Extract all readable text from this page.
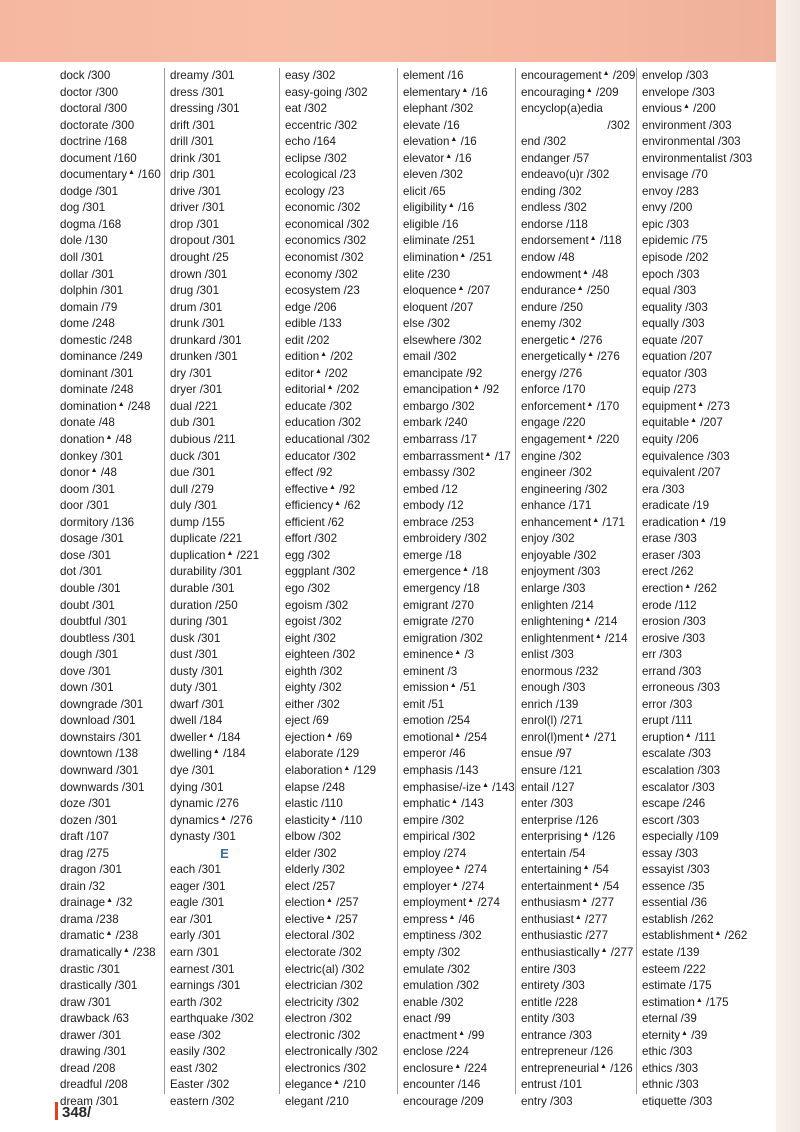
dock /300
doctor /300
doctoral /300
doctorate /300
doctrine /168
document /160
documentary▲ /160
dodge /301
dog /301
dogma /168
dole /130
doll /301
dollar /301
dolphin /301
domain /79
dome /248
domestic /248
dominance /249
dominant /301
dominate /248
domination▲ /248
donate /48
donation▲ /48
donkey /301
donor▲ /48
doom /301
door /301
dormitory /136
dosage /301
dose /301
dot /301
double /301
doubt /301
doubtful /301
doubtless /301
dough /301
dove /301
down /301
downgrade /301
download /301
downstairs /301
downtown /138
downward /301
downwards /301
doze /301
dozen /301
draft /107
drag /275
dragon /301
drain /32
drainage▲ /32
drama /238
dramatic▲ /238
dramatically▲ /238
drastic /301
drastically /301
draw /301
drawback /63
drawer /301
drawing /301
dread /208
dreadful /208
dream /301
dreamy /301
dress /301
dressing /301
drift /301
drill /301
drink /301
drip /301
drive /301
driver /301
drop /301
dropout /301
drought /25
drown /301
drug /301
drum /301
drunk /301
drunkard /301
drunken /301
dry /301
dryer /301
dual /221
dub /301
dubious /211
duck /301
due /301
dull /279
duly /301
dump /155
duplicate /221
duplication▲ /221
durability /301
durable /301
duration /250
during /301
dusk /301
dust /301
dusty /301
duty /301
dwarf /301
dwell /184
dweller▲ /184
dwelling▲ /184
dye /301
dying /301
dynamic /276
dynamics▲ /276
dynasty /301
E
each /301
eager /301
eagle /301
ear /301
early /301
earn /301
earnest /301
earnings /301
earth /302
earthquake /302
ease /302
easily /302
east /302
Easter /302
eastern /302
easy /302
easy-going /302
eat /302
eccentric /302
echo /164
eclipse /302
ecological /23
ecology /23
economic /302
economical /302
economics /302
economist /302
economy /302
ecosystem /23
edge /206
edible /133
edit /202
edition▲ /202
editor▲ /202
editorial▲ /202
educate /302
education /302
educational /302
educator /302
effect /92
effective▲ /92
efficiency▲ /62
efficient /62
effort /302
egg /302
eggplant /302
ego /302
egoism /302
egoist /302
eight /302
eighteen /302
eighth /302
eighty /302
either /302
eject /69
ejection▲ /69
elaborate /129
elaboration▲ /129
elapse /248
elastic /110
elasticity▲ /110
elbow /302
elder /302
elderly /302
elect /257
election▲ /257
elective▲ /257
electoral /302
electorate /302
electric(al) /302
electrician /302
electricity /302
electron /302
electronic /302
electronically /302
electronics /302
elegance▲ /210
elegant /210
element /16
elementary▲ /16
elephant /302
elevate /16
elevation▲ /16
elevator▲ /16
eleven /302
elicit /65
eligibility▲ /16
eligible /16
eliminate /251
elimination▲ /251
elite /230
eloquence▲ /207
eloquent /207
else /302
elsewhere /302
email /302
emancipate /92
emancipation▲ /92
embargo /302
embark /240
embarrass /17
embarrassment▲ /17
embassy /302
embed /12
embody /12
embrace /253
embroidery /302
emerge /18
emergence▲ /18
emergency /18
emigrant /270
emigrate /270
emigration /302
eminence▲ /3
eminent /3
emission▲ /51
emit /51
emotion /254
emotional▲ /254
emperor /46
emphasis /143
emphasise/-ize▲ /143
emphatic▲ /143
empire /302
empirical /302
employ /274
employee▲ /274
employer▲ /274
employment▲ /274
empress▲ /46
emptiness /302
empty /302
emulate /302
emulation /302
enable /302
enact /99
enactment▲ /99
enclose /224
enclosure▲ /224
encounter /146
encourage /209
encouragement▲ /209
encouraging▲ /209
encyclop(a)edia
/302
end /302
endanger /57
endeavo(u)r /302
ending /302
endless /302
endorse /118
endorsement▲ /118
endow /48
endowment▲ /48
endurance▲ /250
endure /250
enemy /302
energetic▲ /276
energetically▲ /276
energy /276
enforce /170
enforcement▲ /170
engage /220
engagement▲ /220
engine /302
engineer /302
engineering /302
enhance /171
enhancement▲ /171
enjoy /302
enjoyable /302
enjoyment /303
enlarge /303
enlighten /214
enlightening▲ /214
enlightenment▲ /214
enlist /303
enormous /232
enough /303
enrich /139
enrol(l) /271
enrol(l)ment▲ /271
ensue /97
ensure /121
entail /127
enter /303
enterprise /126
enterprising▲ /126
entertain /54
entertaining▲ /54
entertainment▲ /54
enthusiasm▲ /277
enthusiast▲ /277
enthusiastic /277
enthusiastically▲ /277
entire /303
entirety /303
entitle /228
entity /303
entrance /303
entrepreneur /126
entrepreneurial▲ /126
entrust /101
entry /303
envelop /303
envelope /303
envious▲ /200
environment /303
environmental /303
environmentalist /303
envisage /70
envoy /283
envy /200
epic /303
epidemic /75
episode /202
epoch /303
equal /303
equality /303
equally /303
equate /207
equation /207
equator /303
equip /273
equipment▲ /273
equitable▲ /207
equity /206
equivalence /303
equivalent /207
era /303
eradicate /19
eradication▲ /19
erase /303
eraser /303
erect /262
erection▲ /262
erode /112
erosion /303
erosive /303
err /303
errand /303
erroneous /303
error /303
erupt /111
eruption▲ /111
escalate /303
escalation /303
escalator /303
escape /246
escort /303
especially /109
essay /303
essayist /303
essence /35
essential /36
establish /262
establishment▲ /262
estate /139
esteem /222
estimate /175
estimation▲ /175
eternal /39
eternity▲ /39
ethic /303
ethics /303
ethnic /303
etiquette /303
348/
